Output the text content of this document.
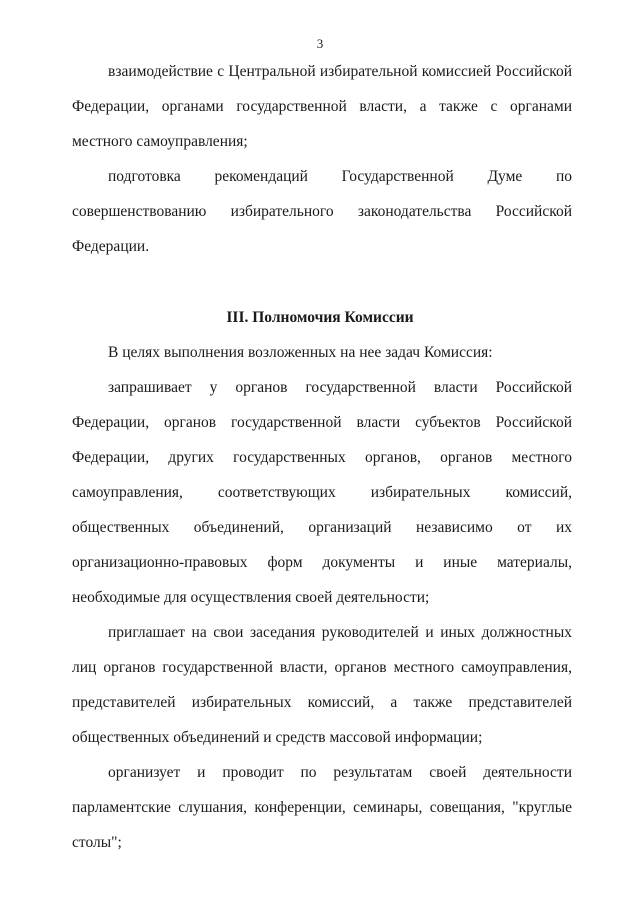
3

взаимодействие с Центральной избирательной комиссией Российской Федерации, органами государственной власти, а также с органами местного самоуправления;

подготовка рекомендаций Государственной Думе по совершенствованию избирательного законодательства Российской Федерации.

III. Полномочия Комиссии

В целях выполнения возложенных на нее задач Комиссия:

запрашивает у органов государственной власти Российской Федерации, органов государственной власти субъектов Российской Федерации, других государственных органов, органов местного самоуправления, соответствующих избирательных комиссий, общественных объединений, организаций независимо от их организационно-правовых форм документы и иные материалы, необходимые для осуществления своей деятельности;

приглашает на свои заседания руководителей и иных должностных лиц органов государственной власти, органов местного самоуправления, представителей избирательных комиссий, а также представителей общественных объединений и средств массовой информации;

организует и проводит по результатам своей деятельности парламентские слушания, конференции, семинары, совещания, "круглые столы";
